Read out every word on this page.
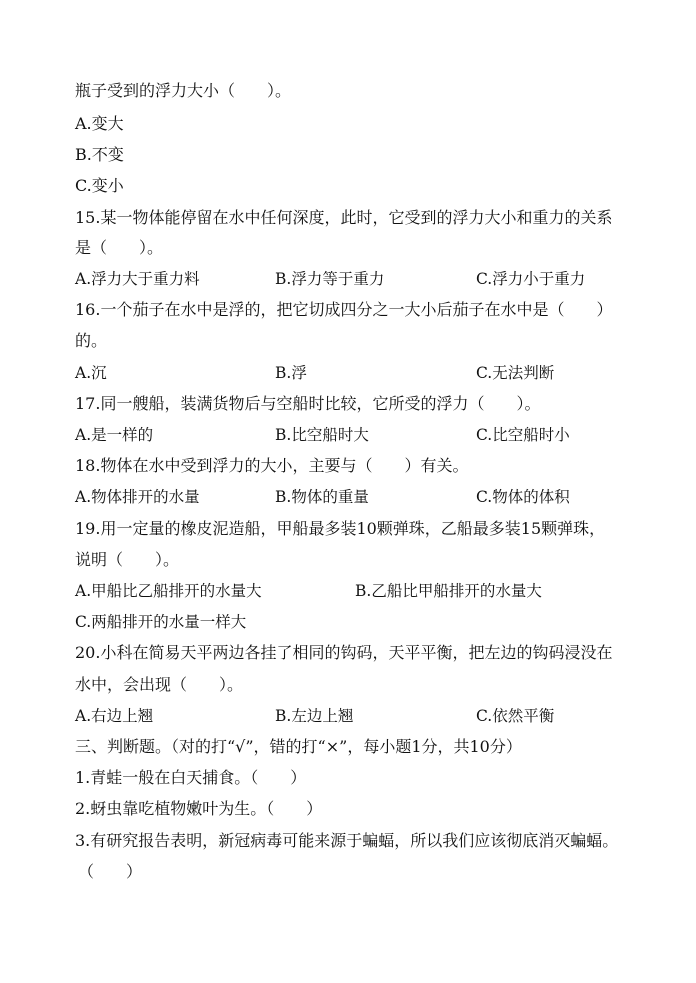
瓶子受到的浮力大小（　　）。
A.变大
B.不变
C.变小
15.某一物体能停留在水中任何深度，此时，它受到的浮力大小和重力的关系
是（　　）。
A.浮力大于重力料	B.浮力等于重力	C.浮力小于重力
16.一个茄子在水中是浮的，把它切成四分之一大小后茄子在水中是（　　）
的。
A.沉	B.浮	C.无法判断
17.同一艘船，装满货物后与空船时比较，它所受的浮力（　　）。
A.是一样的	B.比空船时大	C.比空船时小
18.物体在水中受到浮力的大小，主要与（　　）有关。
A.物体排开的水量	B.物体的重量	C.物体的体积
19.用一定量的橡皮泥造船，甲船最多装10颗弹珠，乙船最多装15颗弹珠，
说明（　　）。
A.甲船比乙船排开的水量大	B.乙船比甲船排开的水量大
C.两船排开的水量一样大
20.小科在简易天平两边各挂了相同的钩码，天平平衡，把左边的钩码浸没在
水中，会出现（　　）。
A.右边上翘	B.左边上翘	C.依然平衡
三、判断题。（对的打“√”，错的打“×”，每小题1分，共10分）
1.青蛙一般在白天捕食。（　　）
2.蚜虫靠吃植物嫩叶为生。（　　）
3.有研究报告表明，新冠病毒可能来源于蝙蝠，所以我们应该彻底消灭蝙蝠。
（　　）
